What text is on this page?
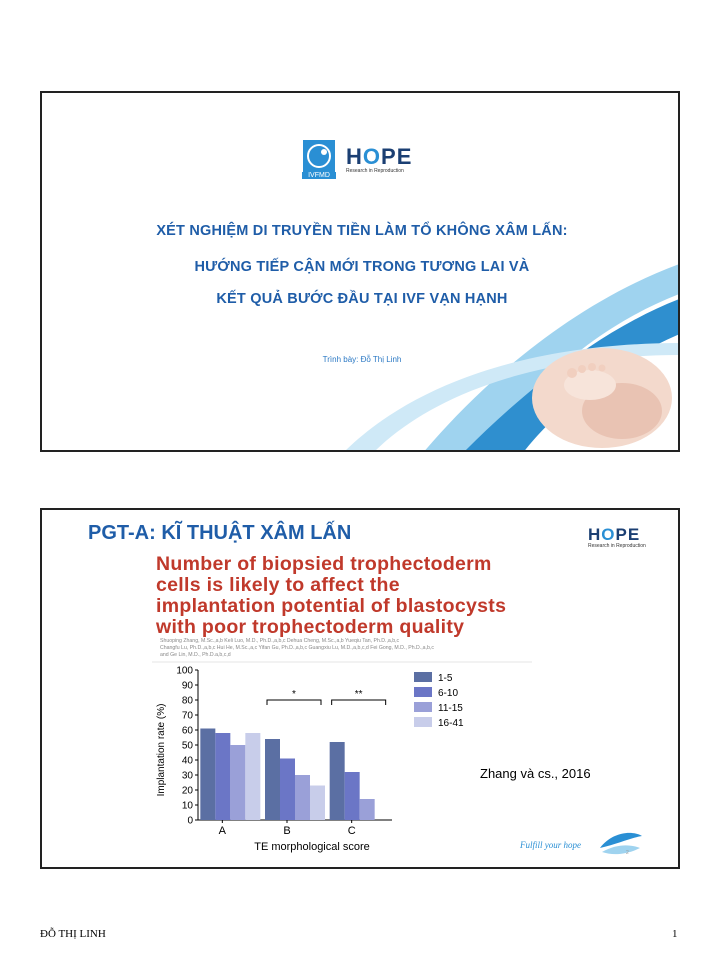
IVFMD
HOPE
Research in Reproduction
XÉT NGHIỆM DI TRUYỀN TIỀN LÀM TỔ KHÔNG XÂM LẤN:
HƯỚNG TIẾP CẬN MỚI TRONG TƯƠNG LAI VÀ
KẾT QUẢ BƯỚC ĐẦU TẠI IVF VẠN HẠNH
Trình bày: Đỗ Thị Linh
PGT-A: KĨ THUẬT XÂM LẤN	HOPE
Research in Reproduction
Number of biopsied trophectoderm
cells is likely to affect the
implantation potential of blastocysts
with poor trophectoderm quality
Shuoping Zhang, M.Sc.,a,b Keli Luo, M.D., Ph.D.,a,b,c Dehua Cheng, M.Sc.,a,b Yueqiu Tan, Ph.D.,a,b,c
Changfu Lu, Ph.D.,a,b,c Hui He, M.Sc.,a,c Yifan Gu, Ph.D.,a,b,c Guangxiu Lu, M.D.,a,b,c,d Fei Gong, M.D., Ph.D.,a,b,c
and Ge Lin, M.D., Ph.D.a,b,c,d
0
10
20
30
40
50
60
70
80
90
100
A	B	C
*	**
1-5
6-10
11-15
16-41
Implantation rate (%)
TE morphological score
Zhang và cs., 2016
Fulfill your hope
2
ĐỖ THỊ LINH	1
